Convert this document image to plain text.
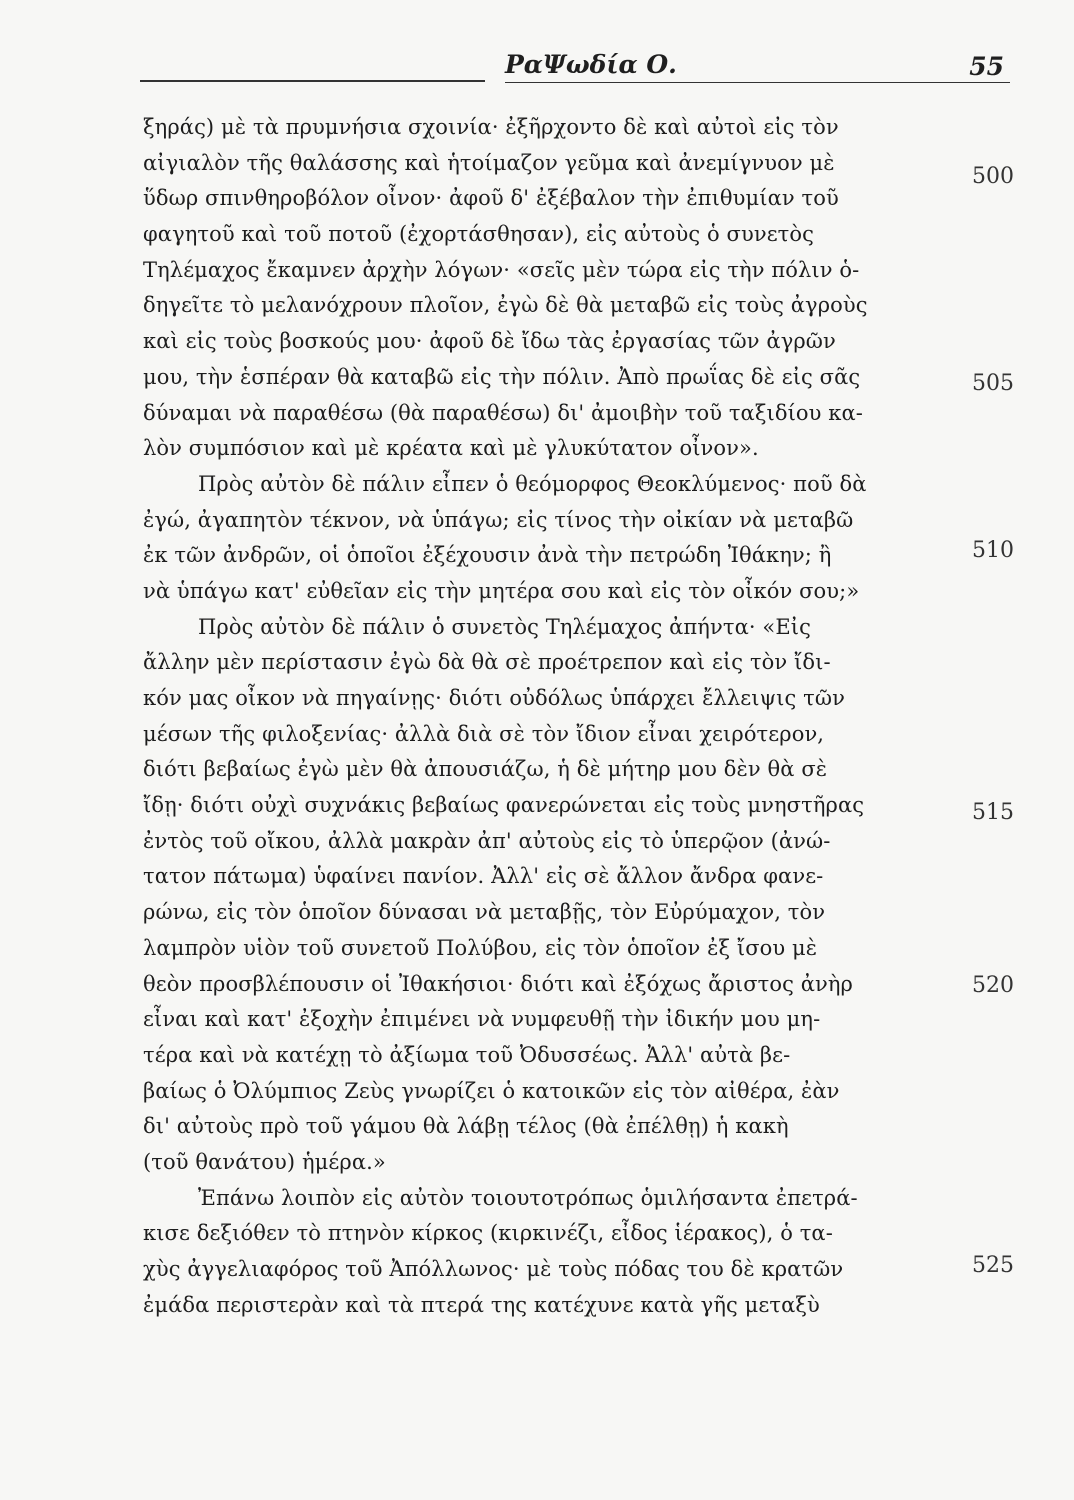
ΡαΨωδία Ο.	55
ξηράς) μὲ τὰ πρυμνήσια σχοινία· ἐξῆρχοντο δὲ καὶ αὐτοὶ εἰς τὸν
αἰγιαλὸν τῆς θαλάσσης καὶ ἡτοίμαζον γεῦμα καὶ ἀνεμίγνυον μὲ
ὕδωρ σπινθηροβόλον οἶνον· ἀφοῦ δ' ἐξέβαλον τὴν ἐπιθυμίαν τοῦ
φαγητοῦ καὶ τοῦ ποτοῦ (ἐχορτάσθησαν), εἰς αὐτοὺς ὁ συνετὸς
Τηλέμαχος ἔκαμνεν ἀρχὴν λόγων· «σεῖς μὲν τώρα εἰς τὴν πόλιν ὁ-
δηγεῖτε τὸ μελανόχρουν πλοῖον, ἐγὼ δὲ θὰ μεταβῶ εἰς τοὺς ἀγροὺς
καὶ εἰς τοὺς βοσκούς μου· ἀφοῦ δὲ ἴδω τὰς ἐργασίας τῶν ἀγρῶν
μου, τὴν ἑσπέραν θὰ καταβῶ εἰς τὴν πόλιν. Ἀπὸ πρωΐας δὲ εἰς σᾶς
δύναμαι νὰ παραθέσω (θὰ παραθέσω) δι' ἀμοιβὴν τοῦ ταξιδίου κα-
λὸν συμπόσιον καὶ μὲ κρέατα καὶ μὲ γλυκύτατον οἶνον».
Πρὸς αὐτὸν δὲ πάλιν εἶπεν ὁ θεόμορφος Θεοκλύμενος· ποῦ δὰ
ἐγώ, ἀγαπητὸν τέκνον, νὰ ὑπάγω; εἰς τίνος τὴν οἰκίαν νὰ μεταβῶ
ἐκ τῶν ἀνδρῶν, οἱ ὁποῖοι ἐξέχουσιν ἀνὰ τὴν πετρώδη Ἰθάκην; ἢ
νὰ ὑπάγω κατ' εὐθεῖαν εἰς τὴν μητέρα σου καὶ εἰς τὸν οἶκόν σου;»
Πρὸς αὐτὸν δὲ πάλιν ὁ συνετὸς Τηλέμαχος ἀπήντα· «Εἰς
ἄλλην μὲν περίστασιν ἐγὼ δὰ θὰ σὲ προέτρεπον καὶ εἰς τὸν ἴδι-
κόν μας οἶκον νὰ πηγαίνῃς· διότι οὐδόλως ὑπάρχει ἔλλειψις τῶν
μέσων τῆς φιλοξενίας· ἀλλὰ διὰ σὲ τὸν ἴδιον εἶναι χειρότερον,
διότι βεβαίως ἐγὼ μὲν θὰ ἀπουσιάζω, ἡ δὲ μήτηρ μου δὲν θὰ σὲ
ἴδῃ· διότι οὐχὶ συχνάκις βεβαίως φανερώνεται εἰς τοὺς μνηστῆρας
ἐντὸς τοῦ οἴκου, ἀλλὰ μακρὰν ἀπ' αὐτοὺς εἰς τὸ ὑπερῷον (ἀνώ-
τατον πάτωμα) ὑφαίνει πανίον. Ἀλλ' εἰς σὲ ἄλλον ἄνδρα φανε-
ρώνω, εἰς τὸν ὁποῖον δύνασαι νὰ μεταβῇς, τὸν Εὐρύμαχον, τὸν
λαμπρὸν υἱὸν τοῦ συνετοῦ Πολύβου, εἰς τὸν ὁποῖον ἐξ ἴσου μὲ
θεὸν προσβλέπουσιν οἱ Ἰθακήσιοι· διότι καὶ ἐξόχως ἄριστος ἀνὴρ
εἶναι καὶ κατ' ἐξοχὴν ἐπιμένει νὰ νυμφευθῇ τὴν ἰδικήν μου μη-
τέρα καὶ νὰ κατέχῃ τὸ ἀξίωμα τοῦ Ὀδυσσέως. Ἀλλ' αὐτὰ βε-
βαίως ὁ Ὀλύμπιος Ζεὺς γνωρίζει ὁ κατοικῶν εἰς τὸν αἰθέρα, ἐὰν
δι' αὐτοὺς πρὸ τοῦ γάμου θὰ λάβῃ τέλος (θὰ ἐπέλθῃ) ἡ κακὴ
(τοῦ θανάτου) ἡμέρα.»
Ἐπάνω λοιπὸν εἰς αὐτὸν τοιουτοτρόπως ὁμιλήσαντα ἐπετρά-
κισε δεξιόθεν τὸ πτηνὸν κίρκος (κιρκινέζι, εἶδος ἱέρακος), ὁ τα-
χὺς ἀγγελιαφόρος τοῦ Ἀπόλλωνος· μὲ τοὺς πόδας του δὲ κρατῶν
ἐμάδα περιστερὰν καὶ τὰ πτερά της κατέχυνε κατὰ γῆς μεταξὺ
500
505
510
515
520
525
